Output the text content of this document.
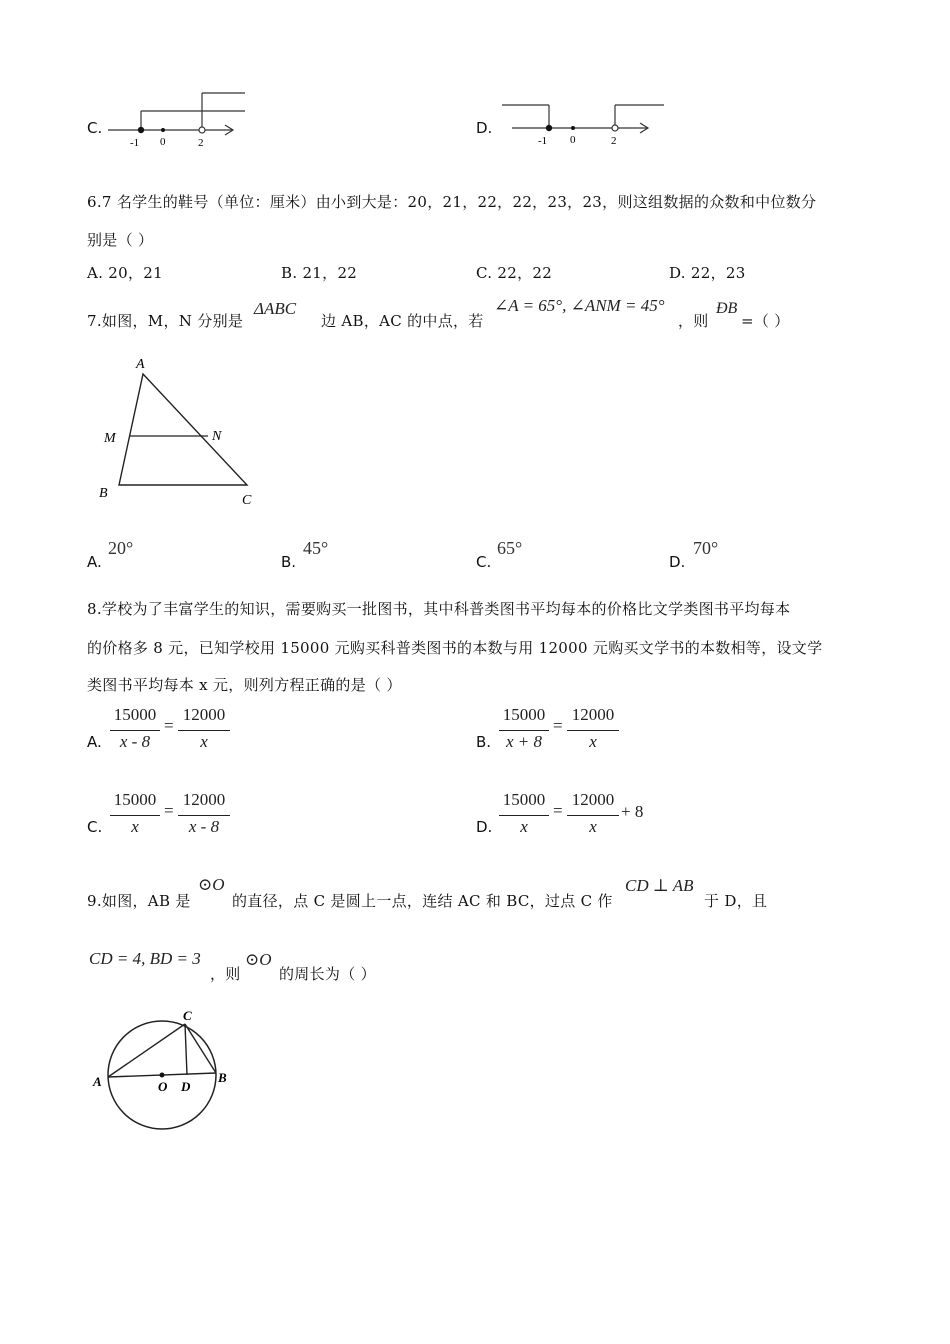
C.
-1 0	2
D.
-1 0	2
6.7 名学生的鞋号（单位：厘米）由小到大是：20，21，22，22，23，23，则这组数据的众数和中位数分
别是（ ）
A. 20，21	B. 21，22	C. 22，22	D. 22，23
7.如图，M，N 分别是
ΔABC
边 AB，AC 的中点，若
∠A = 65°, ∠ANM = 45°
，则
ÐB
=（ ）
A
M	N
B	C
A.
20°
B.
45°
C.
65°
D.
70°
8.学校为了丰富学生的知识，需要购买一批图书，其中科普类图书平均每本的价格比文学类图书平均每本
的价格多 8 元，已知学校用 15000 元购买科普类图书的本数与用 12000 元购买文学书的本数相等，设文学
类图书平均每本 x 元，则列方程正确的是（ ）
A.
15000
x - 8
=
12000
x	B.
15000
x + 8
=
12000
x
C.
15000
x
=
12000
x - 8	D.
15000
x
=
12000
x
+ 8
9.如图，AB 是
⊙O
的直径，点 C 是圆上一点，连结 AC 和 BC，过点 C 作
CD ⊥ AB
于 D，且
CD = 4, BD = 3
，则
⊙O
的周长为（ ）
C
A	B
O D
